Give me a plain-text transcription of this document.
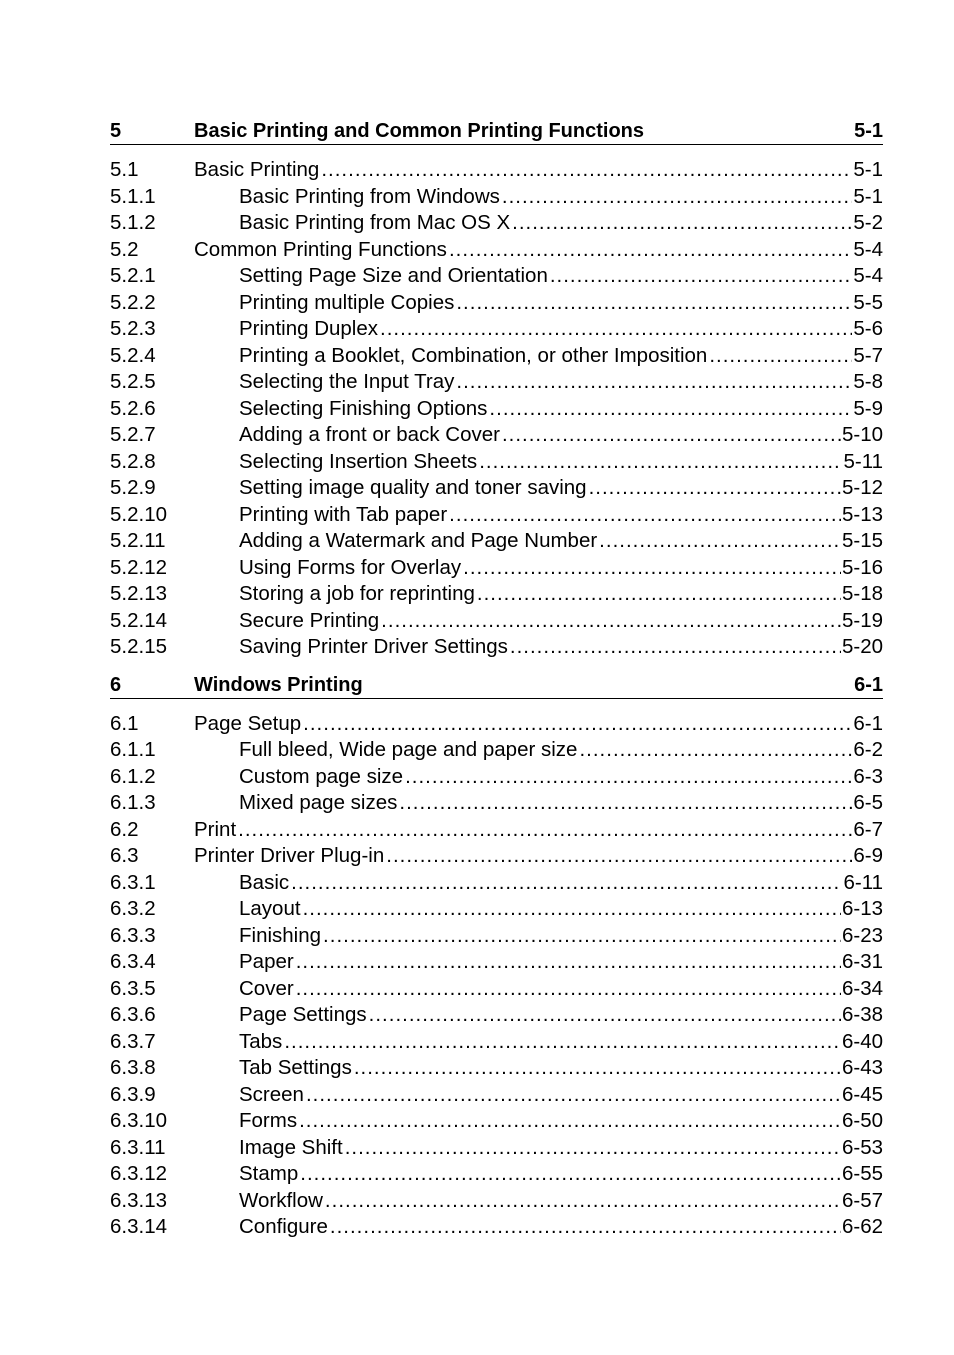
5	Basic Printing and Common Printing Functions	5-1
5.1	Basic Printing .....	5-1
5.1.1	Basic Printing from Windows .....	5-1
5.1.2	Basic Printing from Mac OS X .....	5-2
5.2	Common Printing Functions .....	5-4
5.2.1	Setting Page Size and Orientation .....	5-4
5.2.2	Printing multiple Copies .....	5-5
5.2.3	Printing Duplex .....	5-6
5.2.4	Printing a Booklet, Combination, or other Imposition .....	5-7
5.2.5	Selecting the Input Tray .....	5-8
5.2.6	Selecting Finishing Options .....	5-9
5.2.7	Adding a front or back Cover .....	5-10
5.2.8	Selecting Insertion Sheets .....	5-11
5.2.9	Setting image quality and toner saving .....	5-12
5.2.10	Printing with Tab paper .....	5-13
5.2.11	Adding a Watermark and Page Number .....	5-15
5.2.12	Using Forms for Overlay .....	5-16
5.2.13	Storing a job for reprinting .....	5-18
5.2.14	Secure Printing .....	5-19
5.2.15	Saving Printer Driver Settings .....	5-20
6	Windows Printing	6-1
6.1	Page Setup .....	6-1
6.1.1	Full bleed, Wide page and paper size .....	6-2
6.1.2	Custom page size .....	6-3
6.1.3	Mixed page sizes .....	6-5
6.2	Print .....	6-7
6.3	Printer Driver Plug-in .....	6-9
6.3.1	Basic .....	6-11
6.3.2	Layout .....	6-13
6.3.3	Finishing .....	6-23
6.3.4	Paper .....	6-31
6.3.5	Cover .....	6-34
6.3.6	Page Settings .....	6-38
6.3.7	Tabs .....	6-40
6.3.8	Tab Settings .....	6-43
6.3.9	Screen .....	6-45
6.3.10	Forms .....	6-50
6.3.11	Image Shift .....	6-53
6.3.12	Stamp .....	6-55
6.3.13	Workflow .....	6-57
6.3.14	Configure .....	6-62
